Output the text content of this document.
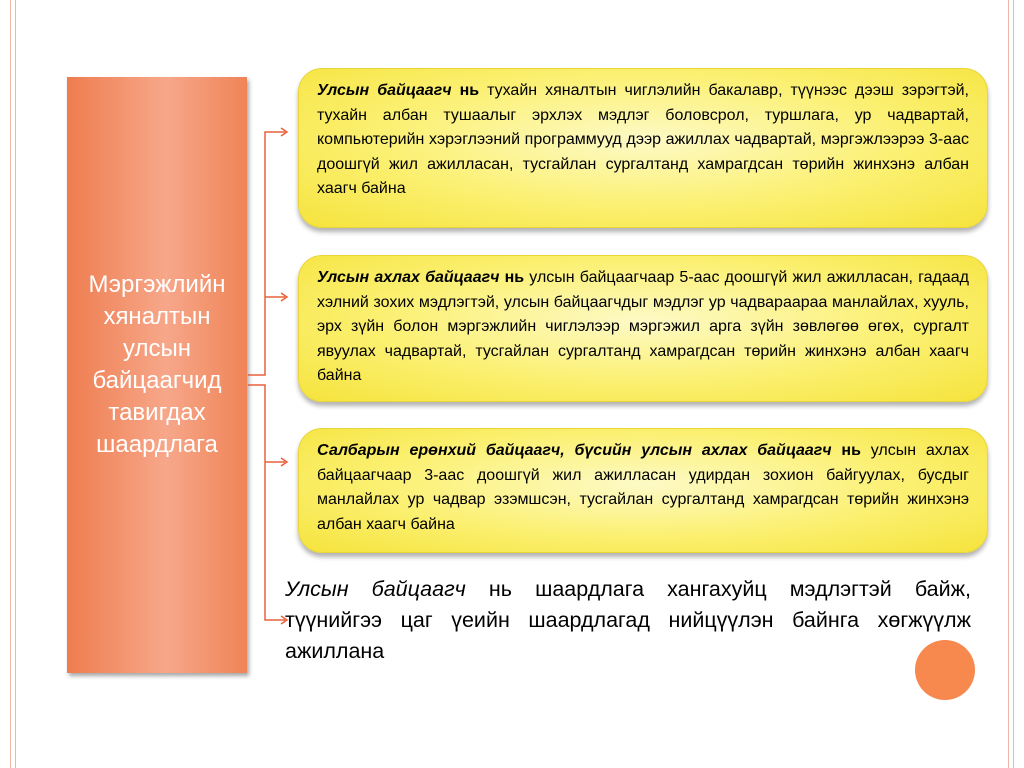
Мэргэжлийн
хяналтын
улсын
байцаагчид
тавигдах
шаардлага
Улсын байцаагч нь тухайн хяналтын чиглэлийн бакалавр, түүнээс дээш зэрэгтэй, тухайн албан тушаалыг эрхлэх мэдлэг боловсрол, туршлага, ур чадвартай, компьютерийн хэрэглээний программууд дээр ажиллах чадвартай, мэргэжлээрээ 3-аас доошгүй жил ажилласан, тусгайлан сургалтанд хамрагдсан төрийн жинхэнэ албан хаагч байна
Улсын ахлах байцаагч нь улсын байцаагчаар 5-аас доошгүй жил ажилласан, гадаад хэлний зохих мэдлэгтэй, улсын байцаагчдыг мэдлэг ур чадвараараа манлайлах, хууль, эрх зүйн болон мэргэжлийн чиглэлээр мэргэжил арга зүйн зөвлөгөө өгөх, сургалт явуулах чадвартай, тусгайлан сургалтанд хамрагдсан төрийн жинхэнэ албан хаагч байна
Салбарын ерөнхий байцаагч, бүсийн улсын ахлах байцаагч нь улсын ахлах байцаагчаар 3-аас доошгүй жил ажилласан удирдан зохион байгуулах, бусдыг манлайлах ур чадвар эзэмшсэн, тусгайлан сургалтанд хамрагдсан төрийн жинхэнэ албан хаагч байна
Улсын байцаагч нь шаардлага хангахуйц мэдлэгтэй байж, түүнийгээ цаг үеийн шаардлагад нийцүүлэн байнга хөгжүүлж ажиллана
